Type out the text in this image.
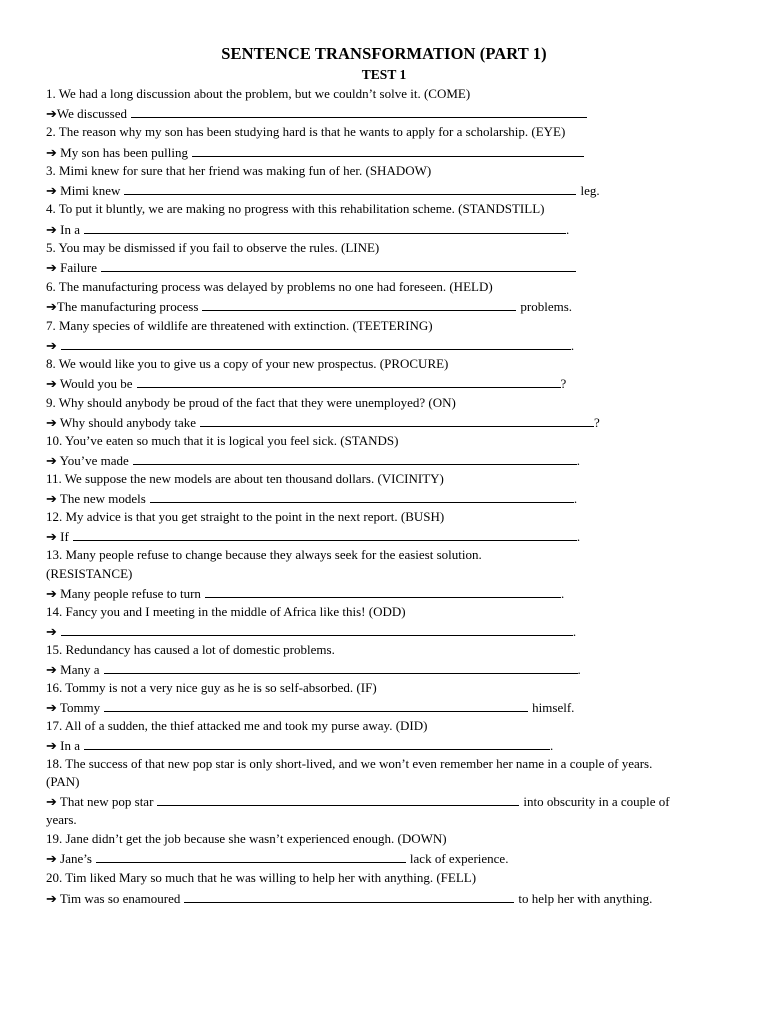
SENTENCE TRANSFORMATION (PART 1)
TEST 1
1. We had a long discussion about the problem, but we couldn’t solve it. (COME)
➔We discussed
2. The reason why my son has been studying hard is that he wants to apply for a scholarship. (EYE)
➔ My son has been pulling
3. Mimi knew for sure that her friend was making fun of her. (SHADOW)
➔ Mimi knew	leg.
4. To put it bluntly, we are making no progress with this rehabilitation scheme. (STANDSTILL)
➔ In a	.
5. You may be dismissed if you fail to observe the rules. (LINE)
➔ Failure
6. The manufacturing process was delayed by problems no one had foreseen. (HELD)
➔The manufacturing process	problems.
7. Many species of wildlife are threatened with extinction. (TEETERING)
➔	.
8. We would like you to give us a copy of your new prospectus. (PROCURE)
➔ Would you be	?
9. Why should anybody be proud of the fact that they were unemployed? (ON)
➔ Why should anybody take	?
10. You’ve eaten so much that it is logical you feel sick. (STANDS)
➔ You’ve made	.
11. We suppose the new models are about ten thousand dollars. (VICINITY)
➔ The new models	.
12. My advice is that you get straight to the point in the next report. (BUSH)
➔ If	.
13. Many people refuse to change because they always seek for the easiest solution.
(RESISTANCE)
➔ Many people refuse to turn	.
14. Fancy you and I meeting in the middle of Africa like this! (ODD)
➔	.
15. Redundancy has caused a lot of domestic problems.
➔ Many a	.
16. Tommy is not a very nice guy as he is so self-absorbed. (IF)
➔ Tommy	himself.
17. All of a sudden, the thief attacked me and took my purse away. (DID)
➔ In a	.
18. The success of that new pop star is only short-lived, and we won’t even remember her name in a couple of years.
(PAN)
➔ That new pop star	into obscurity in a couple of
years.
19. Jane didn’t get the job because she wasn’t experienced enough. (DOWN)
➔ Jane’s	lack of experience.
20. Tim liked Mary so much that he was willing to help her with anything. (FELL)
➔ Tim was so enamoured	to help her with anything.
